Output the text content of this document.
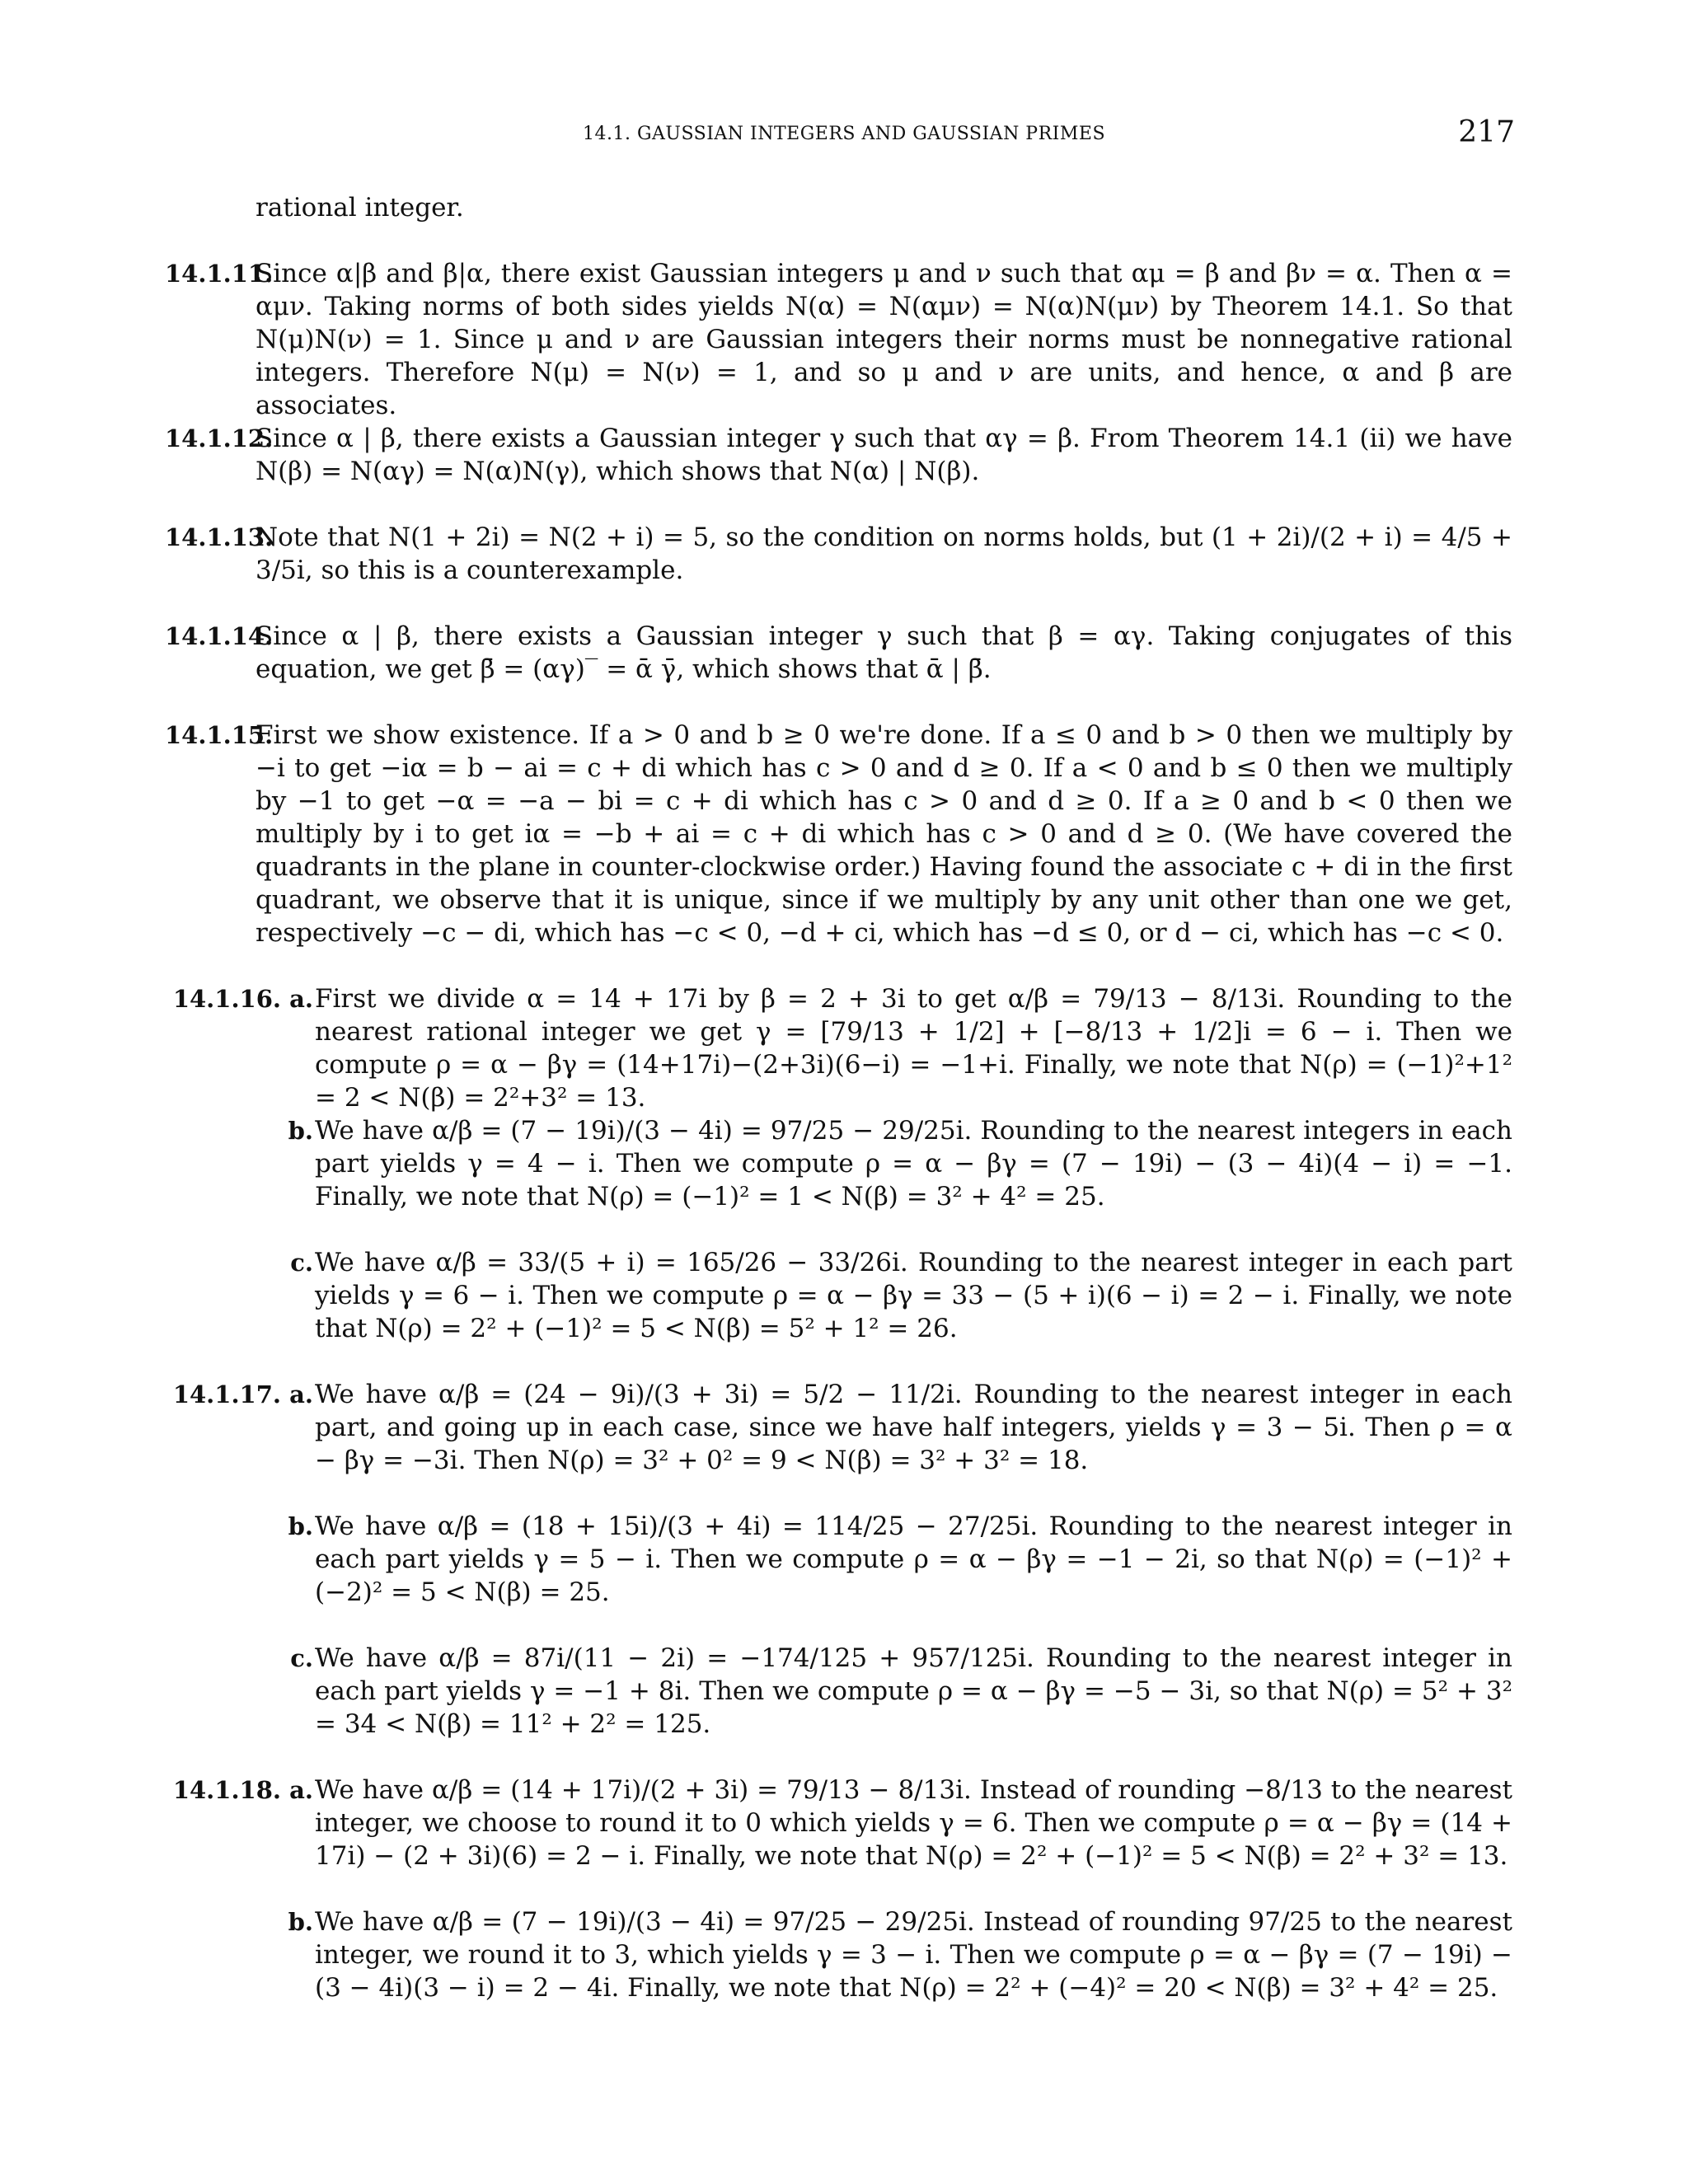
14.1. GAUSSIAN INTEGERS AND GAUSSIAN PRIMES	217
rational integer.
14.1.11.
Since α|β and β|α, there exist Gaussian integers μ and ν such that αμ = β and βν = α. Then α = αμν. Taking norms of both sides yields N(α) = N(αμν) = N(α)N(μν) by Theorem 14.1. So that N(μ)N(ν) = 1. Since μ and ν are Gaussian integers their norms must be nonnegative rational integers. Therefore N(μ) = N(ν) = 1, and so μ and ν are units, and hence, α and β are associates.
14.1.12.
Since α | β, there exists a Gaussian integer γ such that αγ = β. From Theorem 14.1 (ii) we have N(β) = N(αγ) = N(α)N(γ), which shows that N(α) | N(β).
14.1.13.
Note that N(1 + 2i) = N(2 + i) = 5, so the condition on norms holds, but (1 + 2i)/(2 + i) = 4/5 + 3/5i, so this is a counterexample.
14.1.14.
Since α | β, there exists a Gaussian integer γ such that β = αγ. Taking conjugates of this equation, we get β̄ = (αγ)‾ = ᾱ γ̄, which shows that ᾱ | β̄.
14.1.15.
First we show existence. If a > 0 and b ≥ 0 we're done. If a ≤ 0 and b > 0 then we multiply by −i to get −iα = b − ai = c + di which has c > 0 and d ≥ 0. If a < 0 and b ≤ 0 then we multiply by −1 to get −α = −a − bi = c + di which has c > 0 and d ≥ 0. If a ≥ 0 and b < 0 then we multiply by i to get iα = −b + ai = c + di which has c > 0 and d ≥ 0. (We have covered the quadrants in the plane in counter-clockwise order.) Having found the associate c + di in the first quadrant, we observe that it is unique, since if we multiply by any unit other than one we get, respectively −c − di, which has −c < 0, −d + ci, which has −d ≤ 0, or d − ci, which has −c < 0.
14.1.16. a. First we divide α = 14 + 17i by β = 2 + 3i to get α/β = 79/13 − 8/13i. Rounding to the nearest rational integer we get γ = [79/13 + 1/2] + [−8/13 + 1/2]i = 6 − i. Then we compute ρ = α − βγ = (14+17i)−(2+3i)(6−i) = −1+i. Finally, we note that N(ρ) = (−1)²+1² = 2 < N(β) = 2²+3² = 13.
b. We have α/β = (7 − 19i)/(3 − 4i) = 97/25 − 29/25i. Rounding to the nearest integers in each part yields γ = 4 − i. Then we compute ρ = α − βγ = (7 − 19i) − (3 − 4i)(4 − i) = −1. Finally, we note that N(ρ) = (−1)² = 1 < N(β) = 3² + 4² = 25.
c. We have α/β = 33/(5 + i) = 165/26 − 33/26i. Rounding to the nearest integer in each part yields γ = 6 − i. Then we compute ρ = α − βγ = 33 − (5 + i)(6 − i) = 2 − i. Finally, we note that N(ρ) = 2² + (−1)² = 5 < N(β) = 5² + 1² = 26.
14.1.17. a. We have α/β = (24 − 9i)/(3 + 3i) = 5/2 − 11/2i. Rounding to the nearest integer in each part, and going up in each case, since we have half integers, yields γ = 3 − 5i. Then ρ = α − βγ = −3i. Then N(ρ) = 3² + 0² = 9 < N(β) = 3² + 3² = 18.
b. We have α/β = (18 + 15i)/(3 + 4i) = 114/25 − 27/25i. Rounding to the nearest integer in each part yields γ = 5 − i. Then we compute ρ = α − βγ = −1 − 2i, so that N(ρ) = (−1)² + (−2)² = 5 < N(β) = 25.
c. We have α/β = 87i/(11 − 2i) = −174/125 + 957/125i. Rounding to the nearest integer in each part yields γ = −1 + 8i. Then we compute ρ = α − βγ = −5 − 3i, so that N(ρ) = 5² + 3² = 34 < N(β) = 11² + 2² = 125.
14.1.18. a. We have α/β = (14 + 17i)/(2 + 3i) = 79/13 − 8/13i. Instead of rounding −8/13 to the nearest integer, we choose to round it to 0 which yields γ = 6. Then we compute ρ = α − βγ = (14 + 17i) − (2 + 3i)(6) = 2 − i. Finally, we note that N(ρ) = 2² + (−1)² = 5 < N(β) = 2² + 3² = 13.
b. We have α/β = (7 − 19i)/(3 − 4i) = 97/25 − 29/25i. Instead of rounding 97/25 to the nearest integer, we round it to 3, which yields γ = 3 − i. Then we compute ρ = α − βγ = (7 − 19i) − (3 − 4i)(3 − i) = 2 − 4i. Finally, we note that N(ρ) = 2² + (−4)² = 20 < N(β) = 3² + 4² = 25.
